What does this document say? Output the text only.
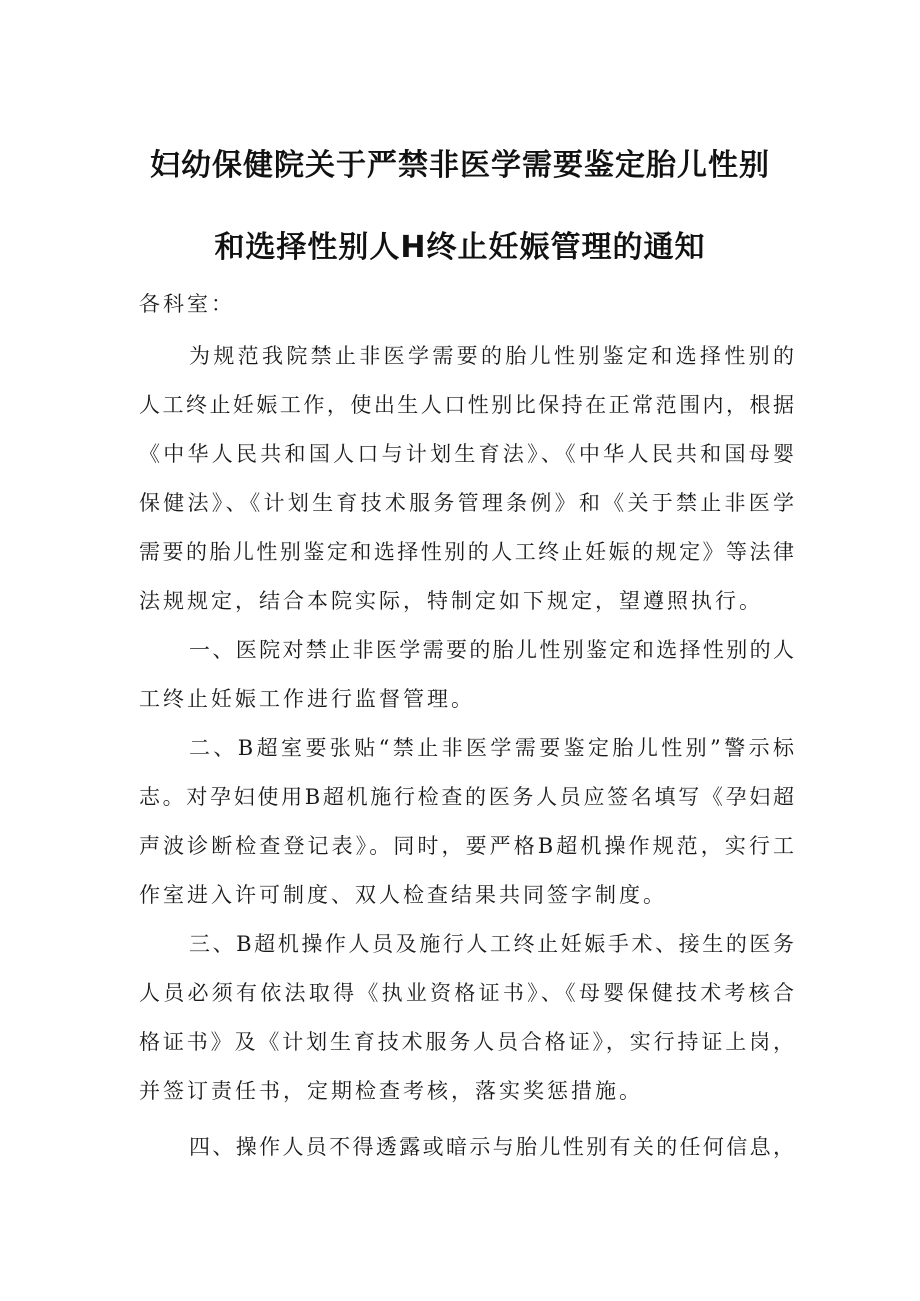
妇幼保健院关于严禁非医学需要鉴定胎儿性别
和选择性别人H终止妊娠管理的通知
各科室：
为规范我院禁止非医学需要的胎儿性别鉴定和选择性别的
人工终止妊娠工作，使出生人口性别比保持在正常范围内，根据
《中华人民共和国人口与计划生育法》、《中华人民共和国母婴
保健法》、《计划生育技术服务管理条例》和《关于禁止非医学
需要的胎儿性别鉴定和选择性别的人工终止妊娠的规定》等法律
法规规定，结合本院实际，特制定如下规定，望遵照执行。
一、医院对禁止非医学需要的胎儿性别鉴定和选择性别的人
工终止妊娠工作进行监督管理。
二、B超室要张贴“禁止非医学需要鉴定胎儿性别”警示标
志。对孕妇使用B超机施行检查的医务人员应签名填写《孕妇超
声波诊断检查登记表》。同时，要严格B超机操作规范，实行工
作室进入许可制度、双人检查结果共同签字制度。
三、B超机操作人员及施行人工终止妊娠手术、接生的医务
人员必须有依法取得《执业资格证书》、《母婴保健技术考核合
格证书》及《计划生育技术服务人员合格证》，实行持证上岗，
并签订责任书，定期检查考核，落实奖惩措施。
四、操作人员不得透露或暗示与胎儿性别有关的任何信息，
